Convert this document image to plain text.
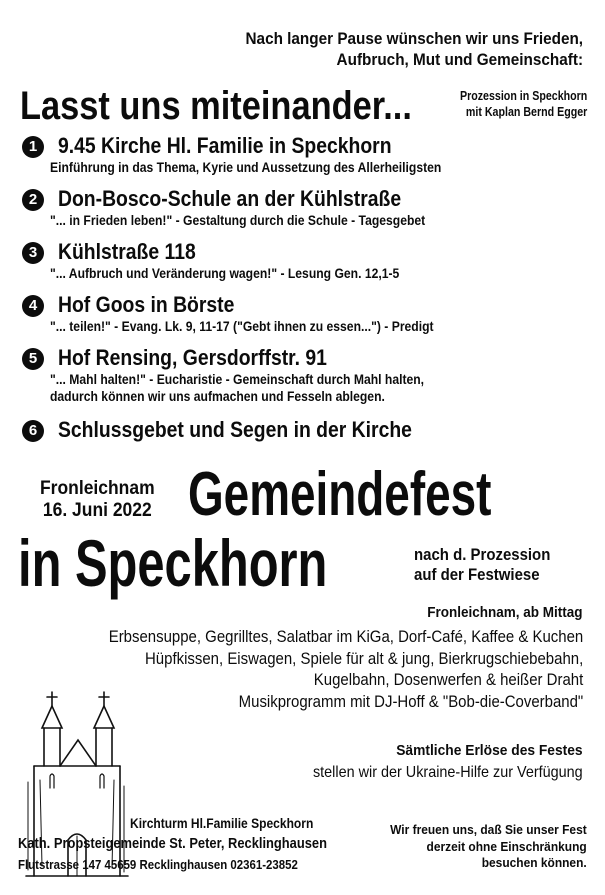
Nach langer Pause wünschen wir uns Frieden,
Aufbruch, Mut und Gemeinschaft:
Lasst uns miteinander...	Prozession in Speckhorn
mit Kaplan Bernd Egger
1 9.45 Kirche Hl. Familie in Speckhorn
Einführung in das Thema, Kyrie und Aussetzung des Allerheiligsten
2 Don-Bosco-Schule an der Kühlstraße
"... in Frieden leben!" - Gestaltung durch die Schule - Tagesgebet
3 Kühlstraße 118
"... Aufbruch und Veränderung wagen!" - Lesung Gen. 12,1-5
4 Hof Goos in Börste
"... teilen!" - Evang. Lk. 9, 11-17 ("Gebt ihnen zu essen...") - Predigt
5 Hof Rensing, Gersdorffstr. 91
"... Mahl halten!" - Eucharistie - Gemeinschaft durch Mahl halten,
dadurch können wir uns aufmachen und Fesseln ablegen.
6 Schlussgebet und Segen in der Kirche
Fronleichnam
16. Juni 2022 Gemeindefest
in Speckhorn	nach d. Prozession
auf der Festwiese
Fronleichnam, ab Mittag
Erbsensuppe, Gegrilltes, Salatbar im KiGa, Dorf-Café, Kaffee & Kuchen
Hüpfkissen, Eiswagen, Spiele für alt & jung, Bierkrugschiebebahn,
Kugelbahn, Dosenwerfen & heißer Draht
Musikprogramm mit DJ-Hoff & "Bob-die-Coverband"
Sämtliche Erlöse des Festes
stellen wir der Ukraine-Hilfe zur Verfügung
Kirchturm Hl.Familie Speckhorn
Kath. Propsteigemeinde St. Peter, Recklinghausen
Flutstrasse 147 45659 Recklinghausen 02361-23852
Wir freuen uns, daß Sie unser Fest
derzeit ohne Einschränkung
besuchen können.
